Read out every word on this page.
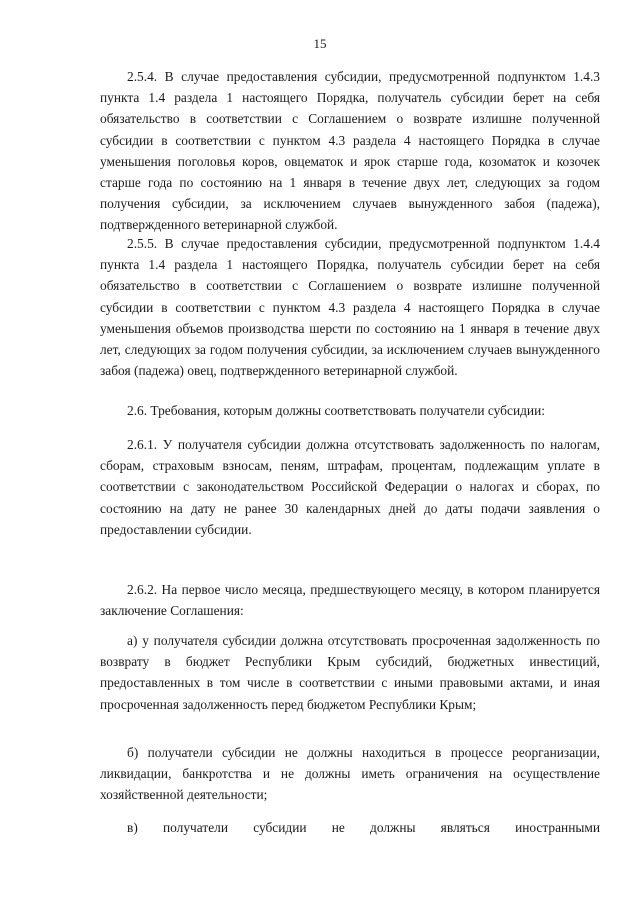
15

2.5.4. В случае предоставления субсидии, предусмотренной подпунктом 1.4.3 пункта 1.4 раздела 1 настоящего Порядка, получатель субсидии берет на себя обязательство в соответствии с Соглашением о возврате излишне полученной субсидии в соответствии с пунктом 4.3 раздела 4 настоящего Порядка в случае уменьшения поголовья коров, овцематок и ярок старше года, козоматок и козочек старше года по состоянию на 1 января в течение двух лет, следующих за годом получения субсидии, за исключением случаев вынужденного забоя (падежа), подтвержденного ветеринарной службой.

2.5.5. В случае предоставления субсидии, предусмотренной подпунктом 1.4.4 пункта 1.4 раздела 1 настоящего Порядка, получатель субсидии берет на себя обязательство в соответствии с Соглашением о возврате излишне полученной субсидии в соответствии с пунктом 4.3 раздела 4 настоящего Порядка в случае уменьшения объемов производства шерсти по состоянию на 1 января в течение двух лет, следующих за годом получения субсидии, за исключением случаев вынужденного забоя (падежа) овец, подтвержденного ветеринарной службой.

2.6. Требования, которым должны соответствовать получатели субсидии:

2.6.1. У получателя субсидии должна отсутствовать задолженность по налогам, сборам, страховым взносам, пеням, штрафам, процентам, подлежащим уплате в соответствии с законодательством Российской Федерации о налогах и сборах, по состоянию на дату не ранее 30 календарных дней до даты подачи заявления о предоставлении субсидии.

2.6.2. На первое число месяца, предшествующего месяцу, в котором планируется заключение Соглашения:

а) у получателя субсидии должна отсутствовать просроченная задолженность по возврату в бюджет Республики Крым субсидий, бюджетных инвестиций, предоставленных в том числе в соответствии с иными правовыми актами, и иная просроченная задолженность перед бюджетом Республики Крым;

б) получатели субсидии не должны находиться в процессе реорганизации, ликвидации, банкротства и не должны иметь ограничения на осуществление хозяйственной деятельности;

в) получатели субсидии не должны являться иностранными
